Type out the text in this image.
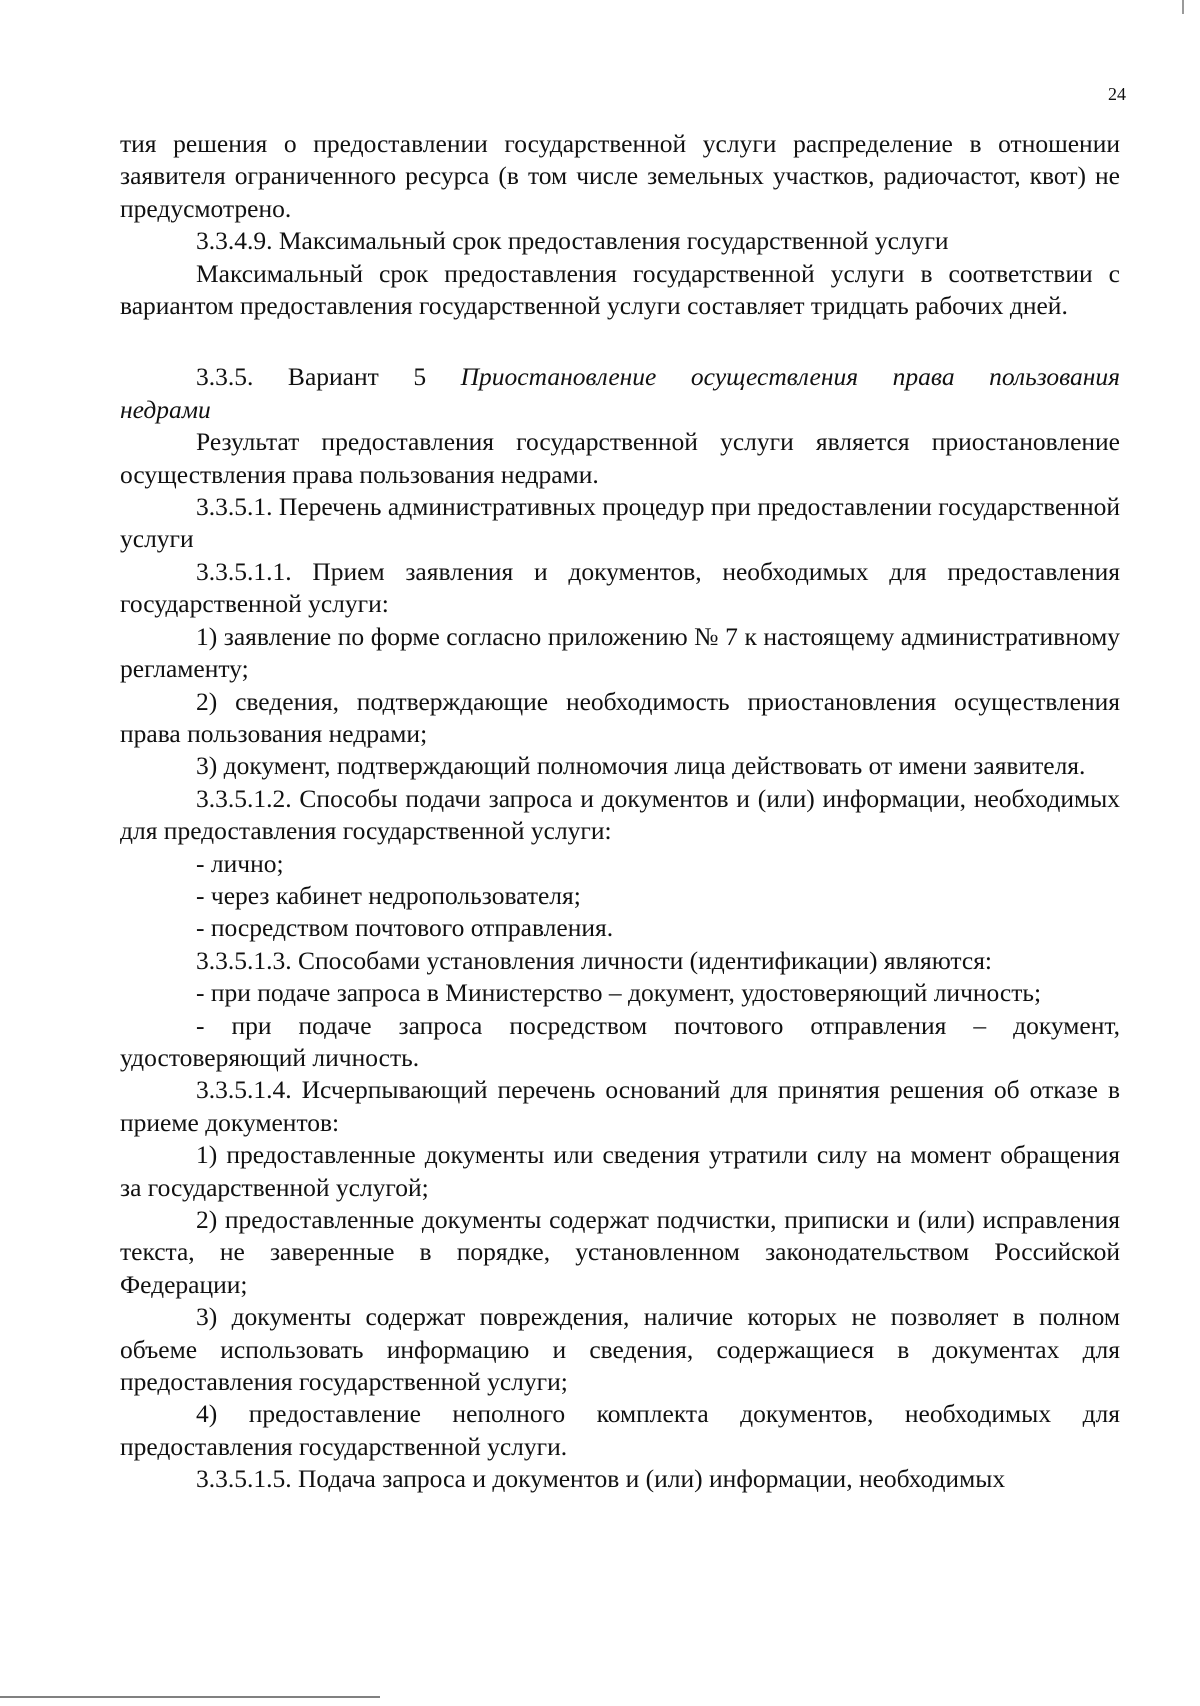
24

тия решения о предоставлении государственной услуги распределение в отношении заявителя ограниченного ресурса (в том числе земельных участков, радиочастот, квот) не предусмотрено.

3.3.4.9. Максимальный срок предоставления государственной услуги

Максимальный срок предоставления государственной услуги в соответствии с вариантом предоставления государственной услуги составляет тридцать рабочих дней.

3.3.5. Вариант 5 Приостановление осуществления права пользования недрами

Результат предоставления государственной услуги является приостановление осуществления права пользования недрами.

3.3.5.1. Перечень административных процедур при предоставлении государственной услуги

3.3.5.1.1. Прием заявления и документов, необходимых для предоставления государственной услуги:

1) заявление по форме согласно приложению № 7 к настоящему административному регламенту;

2) сведения, подтверждающие необходимость приостановления осуществления права пользования недрами;

3) документ, подтверждающий полномочия лица действовать от имени заявителя.

3.3.5.1.2. Способы подачи запроса и документов и (или) информации, необходимых для предоставления государственной услуги:

- лично;

- через кабинет недропользователя;

- посредством почтового отправления.

3.3.5.1.3. Способами установления личности (идентификации) являются:

- при подаче запроса в Министерство – документ, удостоверяющий личность;

- при подаче запроса посредством почтового отправления – документ, удостоверяющий личность.

3.3.5.1.4. Исчерпывающий перечень оснований для принятия решения об отказе в приеме документов:

1) предоставленные документы или сведения утратили силу на момент обращения за государственной услугой;

2) предоставленные документы содержат подчистки, приписки и (или) исправления текста, не заверенные в порядке, установленном законодательством Российской Федерации;

3) документы содержат повреждения, наличие которых не позволяет в полном объеме использовать информацию и сведения, содержащиеся в документах для предоставления государственной услуги;

4) предоставление неполного комплекта документов, необходимых для предоставления государственной услуги.

3.3.5.1.5. Подача запроса и документов и (или) информации, необходимых
